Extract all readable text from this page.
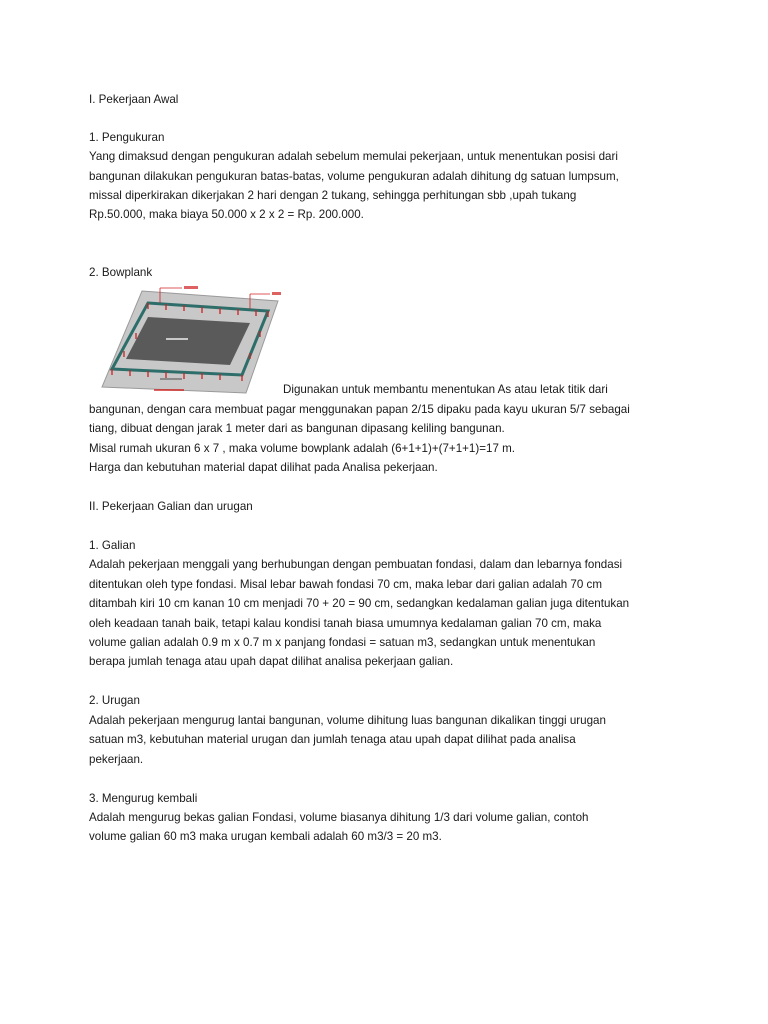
I. Pekerjaan Awal
1. Pengukuran
Yang dimaksud dengan pengukuran adalah sebelum memulai pekerjaan, untuk menentukan posisi dari
bangunan dilakukan pengukuran batas-batas, volume pengukuran adalah dihitung dg satuan lumpsum,
missal diperkirakan dikerjakan 2 hari dengan 2 tukang, sehingga perhitungan sbb ,upah tukang
Rp.50.000, maka biaya 50.000 x 2 x 2 = Rp. 200.000.
2. Bowplank
Digunakan untuk membantu menentukan As atau letak titik dari
bangunan, dengan cara membuat pagar menggunakan papan 2/15 dipaku pada kayu ukuran 5/7 sebagai
tiang, dibuat dengan jarak 1 meter dari as bangunan dipasang keliling bangunan.
Misal rumah ukuran 6 x 7 , maka volume bowplank adalah (6+1+1)+(7+1+1)=17 m.
Harga dan kebutuhan material dapat dilihat pada Analisa pekerjaan.
II. Pekerjaan Galian dan urugan
1. Galian
Adalah pekerjaan menggali yang berhubungan dengan pembuatan fondasi, dalam dan lebarnya fondasi
ditentukan oleh type fondasi. Misal lebar bawah fondasi 70 cm, maka lebar dari galian adalah 70 cm
ditambah kiri 10 cm kanan 10 cm menjadi 70 + 20 = 90 cm, sedangkan kedalaman galian juga ditentukan
oleh keadaan tanah baik, tetapi kalau kondisi tanah biasa umumnya kedalaman galian 70 cm, maka
volume galian adalah 0.9 m x 0.7 m x panjang fondasi = satuan m3, sedangkan untuk menentukan
berapa jumlah tenaga atau upah dapat dilihat analisa pekerjaan galian.
2. Urugan
Adalah pekerjaan mengurug lantai bangunan, volume dihitung luas bangunan dikalikan tinggi urugan
satuan m3, kebutuhan material urugan dan jumlah tenaga atau upah dapat dilihat pada analisa
pekerjaan.
3. Mengurug kembali
Adalah mengurug bekas galian Fondasi, volume biasanya dihitung 1/3 dari volume galian, contoh
volume galian 60 m3 maka urugan kembali adalah 60 m3/3 = 20 m3.
